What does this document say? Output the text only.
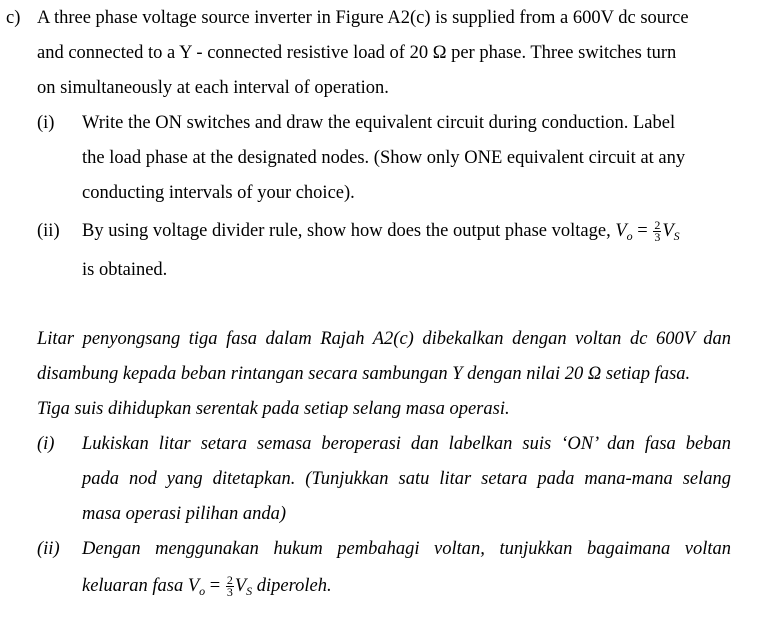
c) A three phase voltage source inverter in Figure A2(c) is supplied from a 600V dc source
and connected to a Y - connected resistive load of 20 Ω per phase. Three switches turn
on simultaneously at each interval of operation.
(i) Write the ON switches and draw the equivalent circuit during conduction. Label
the load phase at the designated nodes. (Show only ONE equivalent circuit at any
conducting intervals of your choice).
(ii) By using voltage divider rule, show how does the output phase voltage, $V_o = \frac{2}{3} V_S$
is obtained.
Litar penyongsang tiga fasa dalam Rajah A2(c) dibekalkan dengan voltan dc 600V dan
disambung kepada beban rintangan secara sambungan Y dengan nilai 20 Ω setiap fasa.
Tiga suis dihidupkan serentak pada setiap selang masa operasi.
(i) Lukiskan litar setara semasa beroperasi dan labelkan suis ‘ON’ dan fasa beban
pada nod yang ditetapkan. (Tunjukkan satu litar setara pada mana-mana selang
masa operasi pilihan anda)
(ii) Dengan menggunakan hukum pembahagi voltan, tunjukkan bagaimana voltan
keluaran fasa $V_o = \frac{2}{3} V_S$ diperoleh.
